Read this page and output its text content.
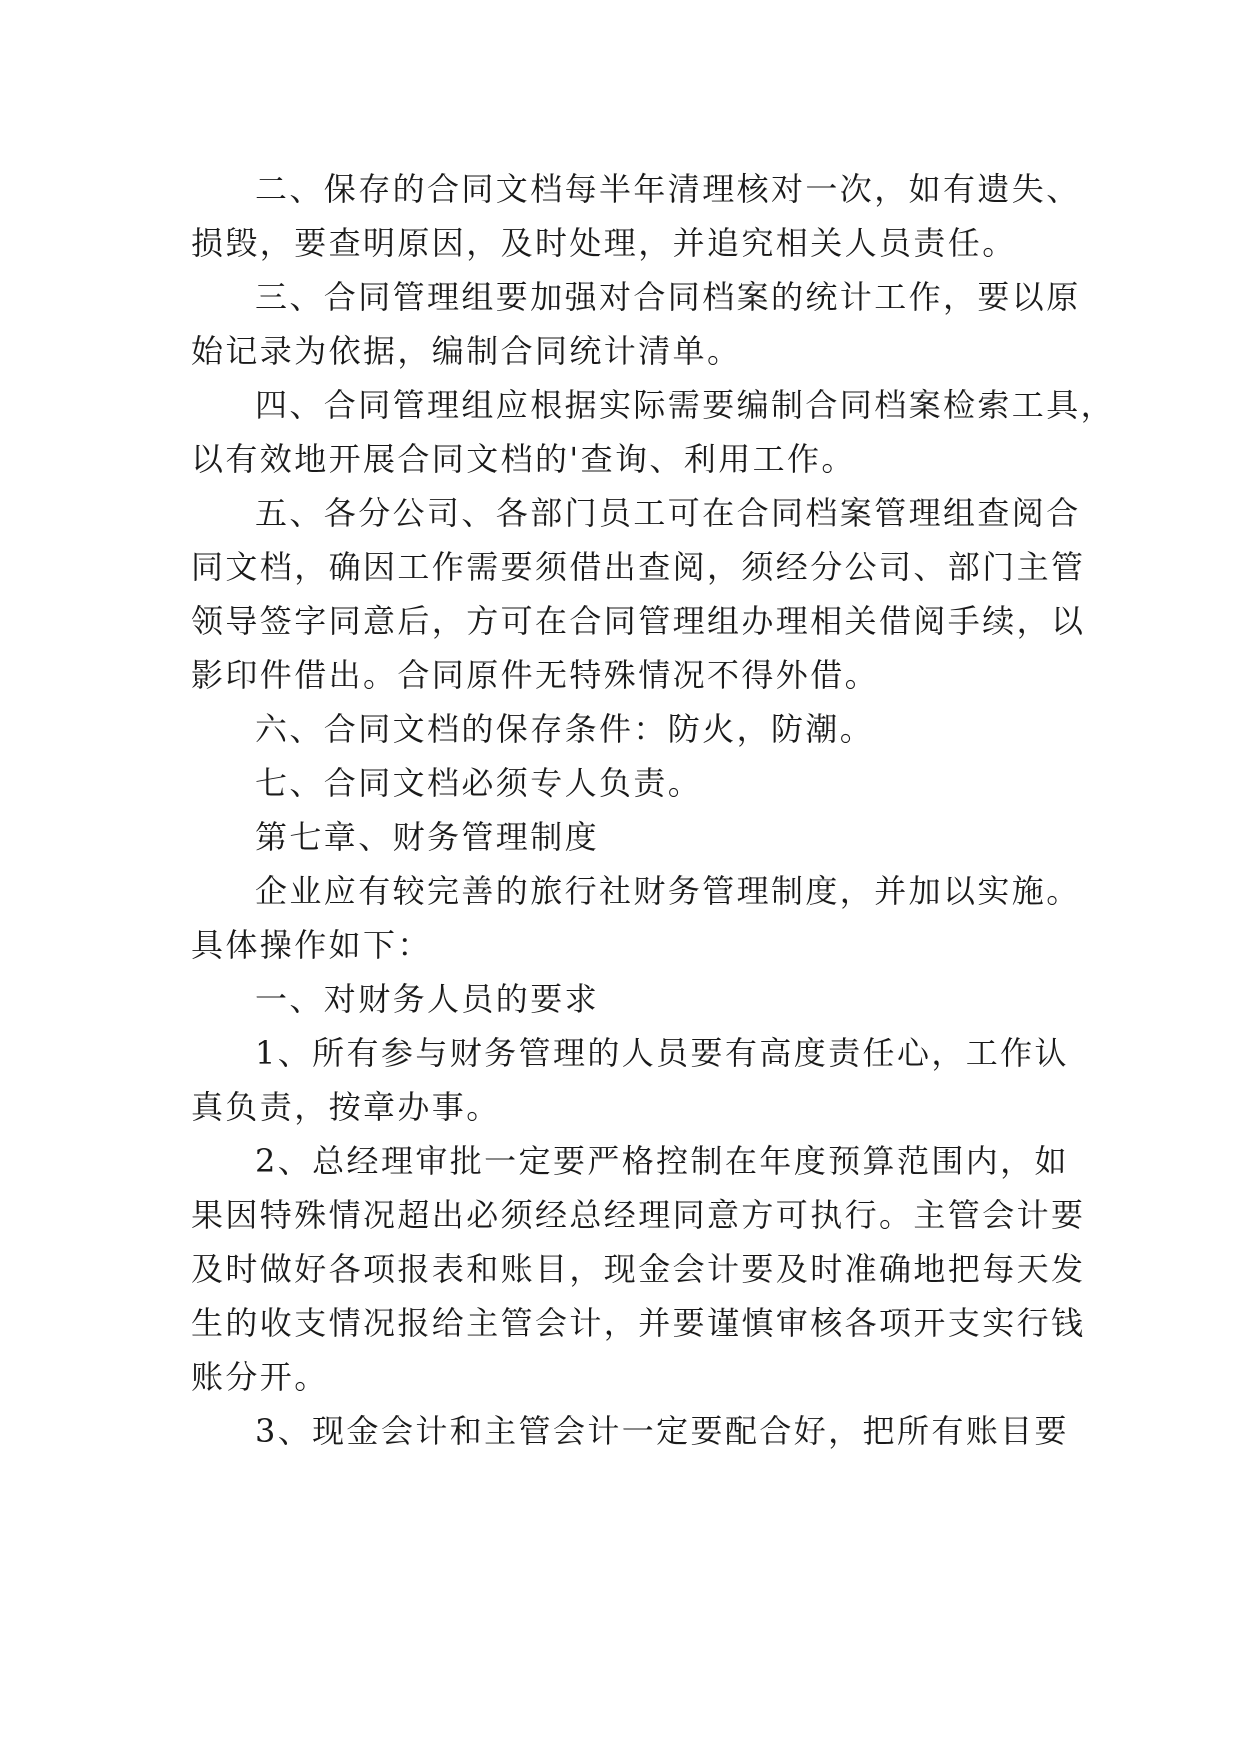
二、保存的合同文档每半年清理核对一次，如有遗失、
损毁，要查明原因，及时处理，并追究相关人员责任。
三、合同管理组要加强对合同档案的统计工作，要以原
始记录为依据，编制合同统计清单。
四、合同管理组应根据实际需要编制合同档案检索工具，
以有效地开展合同文档的'查询、利用工作。
五、各分公司、各部门员工可在合同档案管理组查阅合
同文档，确因工作需要须借出查阅，须经分公司、部门主管
领导签字同意后，方可在合同管理组办理相关借阅手续，以
影印件借出。合同原件无特殊情况不得外借。
六、合同文档的保存条件：防火，防潮。
七、合同文档必须专人负责。
第七章、财务管理制度
企业应有较完善的旅行社财务管理制度，并加以实施。
具体操作如下：
一、对财务人员的要求
1、所有参与财务管理的人员要有高度责任心，工作认
真负责，按章办事。
2、总经理审批一定要严格控制在年度预算范围内，如
果因特殊情况超出必须经总经理同意方可执行。主管会计要
及时做好各项报表和账目，现金会计要及时准确地把每天发
生的收支情况报给主管会计，并要谨慎审核各项开支实行钱
账分开。
3、现金会计和主管会计一定要配合好，把所有账目要
